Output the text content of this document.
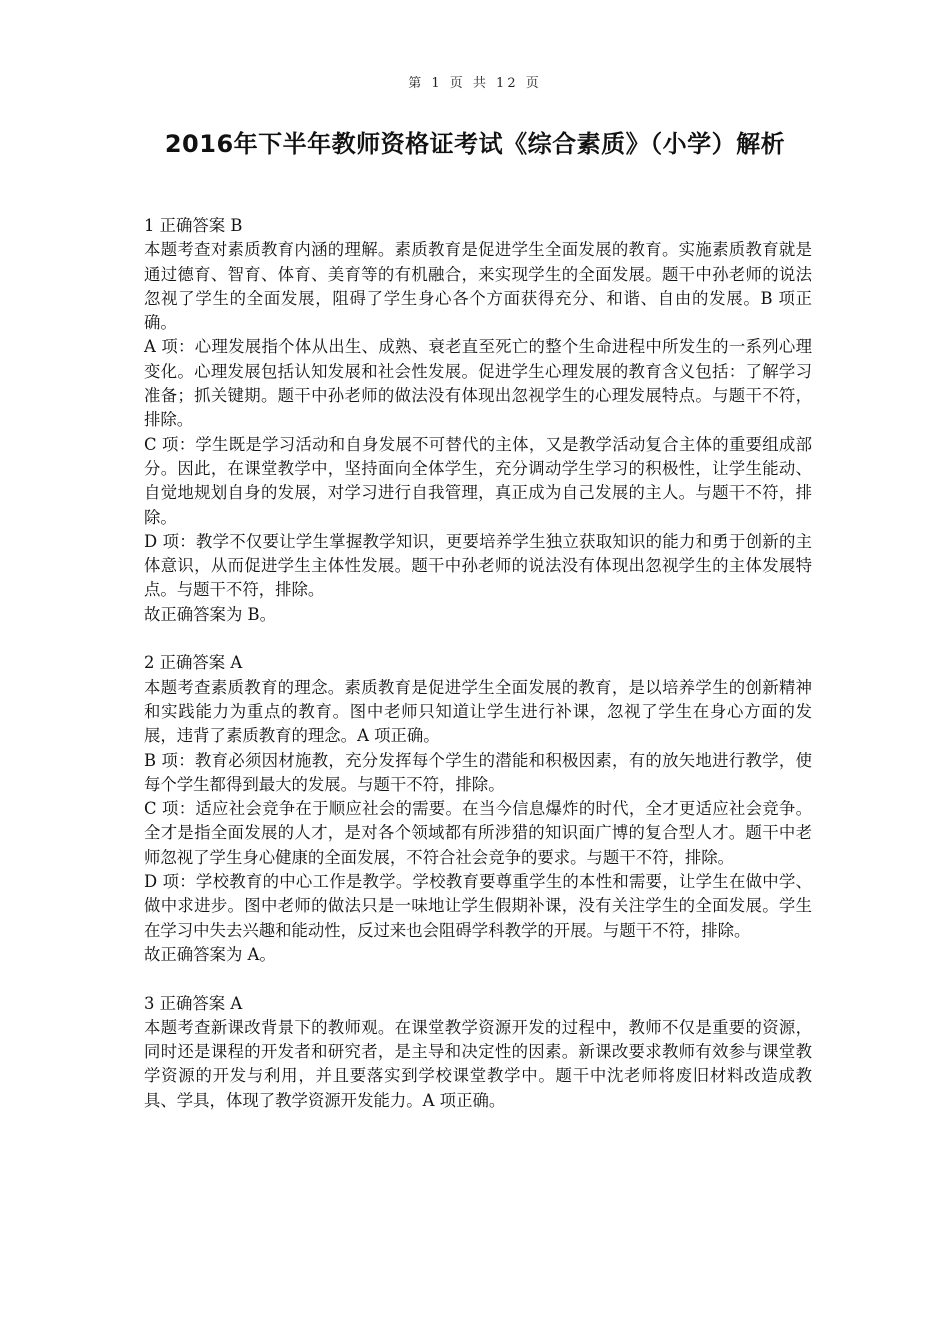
第 1 页 共 12 页
2016年下半年教师资格证考试《综合素质》（小学）解析

1 正确答案 B

本题考查对素质教育内涵的理解。素质教育是促进学生全面发展的教育。实施素质教育就是通过德育、智育、体育、美育等的有机融合，来实现学生的全面发展。题干中孙老师的说法忽视了学生的全面发展，阻碍了学生身心各个方面获得充分、和谐、自由的发展。B 项正确。

A 项：心理发展指个体从出生、成熟、衰老直至死亡的整个生命进程中所发生的一系列心理变化。心理发展包括认知发展和社会性发展。促进学生心理发展的教育含义包括：了解学习准备；抓关键期。题干中孙老师的做法没有体现出忽视学生的心理发展特点。与题干不符，排除。

C 项：学生既是学习活动和自身发展不可替代的主体，又是教学活动复合主体的重要组成部分。因此，在课堂教学中，坚持面向全体学生，充分调动学生学习的积极性，让学生能动、自觉地规划自身的发展，对学习进行自我管理，真正成为自己发展的主人。与题干不符，排除。

D 项：教学不仅要让学生掌握教学知识，更要培养学生独立获取知识的能力和勇于创新的主体意识，从而促进学生主体性发展。题干中孙老师的说法没有体现出忽视学生的主体发展特点。与题干不符，排除。

故正确答案为 B。

2 正确答案 A

本题考查素质教育的理念。素质教育是促进学生全面发展的教育，是以培养学生的创新精神和实践能力为重点的教育。图中老师只知道让学生进行补课，忽视了学生在身心方面的发展，违背了素质教育的理念。A 项正确。

B 项：教育必须因材施教，充分发挥每个学生的潜能和积极因素，有的放矢地进行教学，使每个学生都得到最大的发展。与题干不符，排除。

C 项：适应社会竞争在于顺应社会的需要。在当今信息爆炸的时代，全才更适应社会竞争。全才是指全面发展的人才，是对各个领域都有所涉猎的知识面广博的复合型人才。题干中老师忽视了学生身心健康的全面发展，不符合社会竞争的要求。与题干不符，排除。

D 项：学校教育的中心工作是教学。学校教育要尊重学生的本性和需要，让学生在做中学、做中求进步。图中老师的做法只是一味地让学生假期补课，没有关注学生的全面发展。学生在学习中失去兴趣和能动性，反过来也会阻碍学科教学的开展。与题干不符，排除。

故正确答案为 A。

3 正确答案 A

本题考查新课改背景下的教师观。在课堂教学资源开发的过程中，教师不仅是重要的资源，同时还是课程的开发者和研究者，是主导和决定性的因素。新课改要求教师有效参与课堂教学资源的开发与利用，并且要落实到学校课堂教学中。题干中沈老师将废旧材料改造成教具、学具，体现了教学资源开发能力。A 项正确。
